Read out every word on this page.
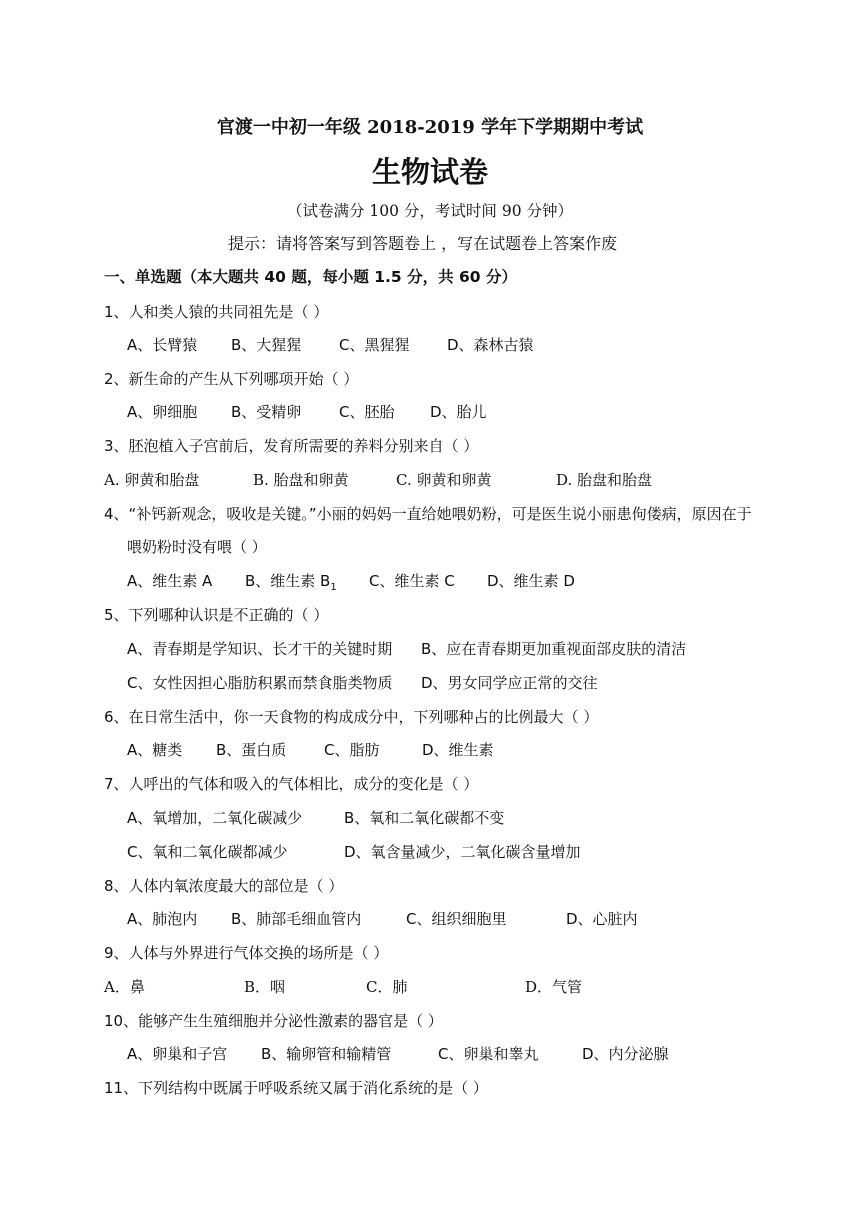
官渡一中初一年级 2018-2019 学年下学期期中考试
生物试卷
（试卷满分 100 分，考试时间 90 分钟）
提示：请将答案写到答题卷上 ，写在试题卷上答案作废
一、单选题（本大题共 40 题，每小题 1.5 分，共 60 分）
1、人和类人猿的共同祖先是（ ）
A、长臂猿 B、大猩猩	C、黑猩猩	D、森林古猿
2、新生命的产生从下列哪项开始（ ）
A、卵细胞 B、受精卵	C、胚胎 D、胎儿
3、胚泡植入子宫前后，发育所需要的养料分别来自（ ）
A. 卵黄和胎盘	B. 胎盘和卵黄	C. 卵黄和卵黄	D. 胎盘和胎盘
4、“补钙新观念，吸收是关键。”小丽的妈妈一直给她喂奶粉，可是医生说小丽患佝偻病，原因在于
喂奶粉时没有喂（ ）
A、维生素 A B、维生素 $B_1$ C、维生素 C D、维生素 D
5、下列哪种认识是不正确的（ ）
A、青春期是学知识、长才干的关键时期 B、应在青春期更加重视面部皮肤的清洁
C、女性因担心脂肪积累而禁食脂类物质 D、男女同学应正常的交往
6、在日常生活中，你一天食物的构成成分中，下列哪种占的比例最大（ ）
A、糖类 B、蛋白质	C、脂肪	D、维生素
7、人呼出的气体和吸入的气体相比，成分的变化是（ ）
A、氧增加，二氧化碳减少	B、氧和二氧化碳都不变
C、氧和二氧化碳都减少	D、氧含量减少，二氧化碳含量增加
8、人体内氧浓度最大的部位是（ ）
A、肺泡内 B、肺部毛细血管内	C、组织细胞里	D、心脏内
9、人体与外界进行气体交换的场所是（ ）
A．鼻	B．咽	C．肺	D．气管
10、能够产生生殖细胞并分泌性激素的器官是（ ）
A、卵巢和子宫 B、输卵管和输精管	C、卵巢和睾丸	D、内分泌腺
11、下列结构中既属于呼吸系统又属于消化系统的是（ ）
